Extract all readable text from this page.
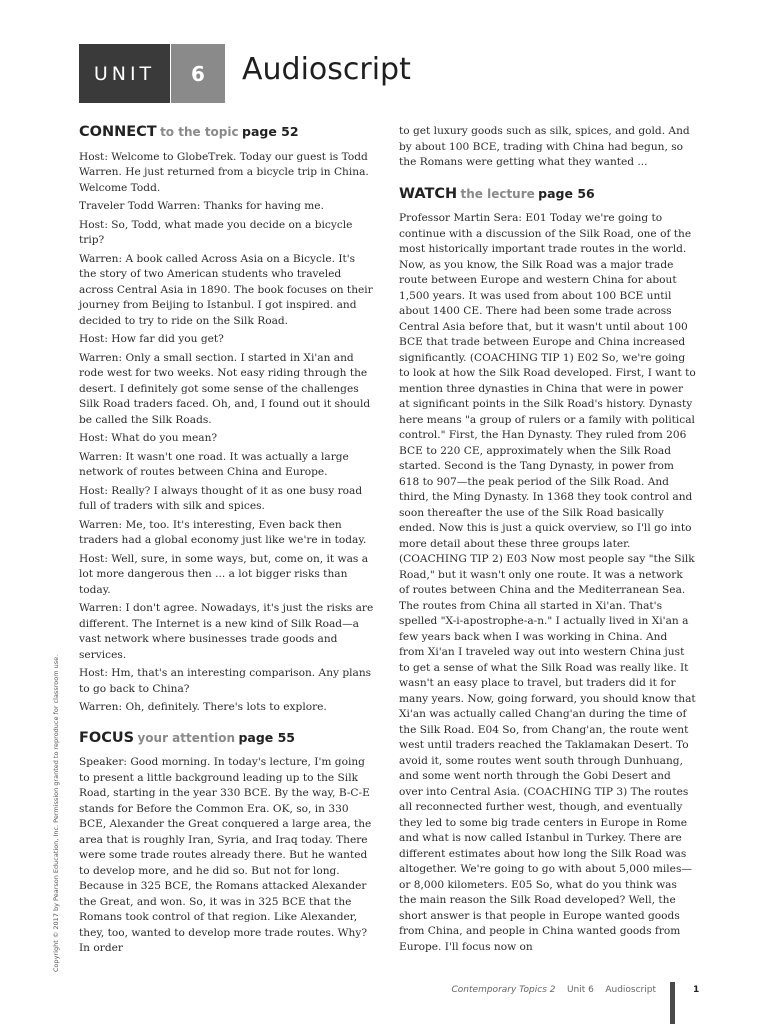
UNIT	6	Audioscript
CONNECT to the topic page 52

Host: Welcome to GlobeTrek. Today our guest is Todd Warren. He just returned from a bicycle trip in China. Welcome Todd.

Traveler Todd Warren: Thanks for having me.

Host: So, Todd, what made you decide on a bicycle trip?

Warren: A book called Across Asia on a Bicycle. It's the story of two American students who traveled across Central Asia in 1890. The book focuses on their journey from Beijing to Istanbul. I got inspired. and decided to try to ride on the Silk Road.

Host: How far did you get?

Warren: Only a small section. I started in Xi'an and rode west for two weeks. Not easy riding through the desert. I definitely got some sense of the challenges Silk Road traders faced. Oh, and, I found out it should be called the Silk Roads.

Host: What do you mean?

Warren: It wasn't one road. It was actually a large network of routes between China and Europe.

Host: Really? I always thought of it as one busy road full of traders with silk and spices.

Warren: Me, too. It's interesting, Even back then traders had a global economy just like we're in today.

Host: Well, sure, in some ways, but, come on, it was a lot more dangerous then ... a lot bigger risks than today.

Warren: I don't agree. Nowadays, it's just the risks are different. The Internet is a new kind of Silk Road—a vast network where businesses trade goods and services.

Host: Hm, that's an interesting comparison. Any plans to go back to China?

Warren: Oh, definitely. There's lots to explore.

FOCUS your attention page 55

Speaker: Good morning. In today's lecture, I'm going to present a little background leading up to the Silk Road, starting in the year 330 BCE. By the way, B-C-E stands for Before the Common Era. OK, so, in 330 BCE, Alexander the Great conquered a large area, the area that is roughly Iran, Syria, and Iraq today. There were some trade routes already there. But he wanted to develop more, and he did so. But not for long. Because in 325 BCE, the Romans attacked Alexander the Great, and won. So, it was in 325 BCE that the Romans took control of that region. Like Alexander, they, too, wanted to develop more trade routes. Why? In order

to get luxury goods such as silk, spices, and gold. And by about 100 BCE, trading with China had begun, so the Romans were getting what they wanted ...

WATCH the lecture page 56

Professor Martin Sera: E01 Today we're going to continue with a discussion of the Silk Road, one of the most historically important trade routes in the world. Now, as you know, the Silk Road was a major trade route between Europe and western China for about 1,500 years. It was used from about 100 BCE until about 1400 CE. There had been some trade across Central Asia before that, but it wasn't until about 100 BCE that trade between Europe and China increased significantly. (COACHING TIP 1) E02 So, we're going to look at how the Silk Road developed. First, I want to mention three dynasties in China that were in power at significant points in the Silk Road's history. Dynasty here means "a group of rulers or a family with political control." First, the Han Dynasty. They ruled from 206 BCE to 220 CE, approximately when the Silk Road started. Second is the Tang Dynasty, in power from 618 to 907—the peak period of the Silk Road. And third, the Ming Dynasty. In 1368 they took control and soon thereafter the use of the Silk Road basically ended. Now this is just a quick overview, so I'll go into more detail about these three groups later. (COACHING TIP 2) E03 Now most people say "the Silk Road," but it wasn't only one route. It was a network of routes between China and the Mediterranean Sea. The routes from China all started in Xi'an. That's spelled "X-i-apostrophe-a-n." I actually lived in Xi'an a few years back when I was working in China. And from Xi'an I traveled way out into western China just to get a sense of what the Silk Road was really like. It wasn't an easy place to travel, but traders did it for many years. Now, going forward, you should know that Xi'an was actually called Chang'an during the time of the Silk Road. E04 So, from Chang'an, the route went west until traders reached the Taklamakan Desert. To avoid it, some routes went south through Dunhuang, and some went north through the Gobi Desert and over into Central Asia. (COACHING TIP 3) The routes all reconnected further west, though, and eventually they led to some big trade centers in Europe in Rome and what is now called Istanbul in Turkey. There are different estimates about how long the Silk Road was altogether. We're going to go with about 5,000 miles—or 8,000 kilometers. E05 So, what do you think was the main reason the Silk Road developed? Well, the short answer is that people in Europe wanted goods from China, and people in China wanted goods from Europe. I'll focus now on

Copyright © 2017 by Pearson Education, Inc. Permission granted to reproduce for classroom use.
Contemporary Topics 2 Unit 6 Audioscript	1
